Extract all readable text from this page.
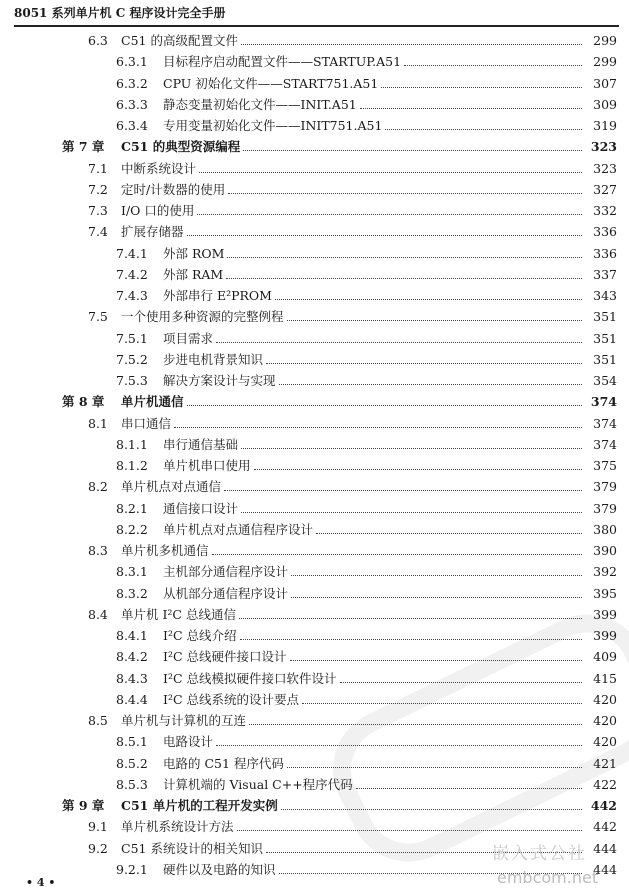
8051 系列单片机 C 程序设计完全手册
6.3 C51 的高级配置文件	299
6.3.1 目标程序启动配置文件——STARTUP.A51	299
6.3.2 CPU 初始化文件——START751.A51	307
6.3.3 静态变量初始化文件——INIT.A51	309
6.3.4 专用变量初始化文件——INIT751.A51	319
第 7 章 C51 的典型资源编程	323
7.1 中断系统设计	323
7.2 定时/计数器的使用	327
7.3 I/O 口的使用	332
7.4 扩展存储器	336
7.4.1 外部 ROM	336
7.4.2 外部 RAM	337
7.4.3 外部串行 E²PROM	343
7.5 一个使用多种资源的完整例程	351
7.5.1 项目需求	351
7.5.2 步进电机背景知识	351
7.5.3 解决方案设计与实现	354
第 8 章 单片机通信	374
8.1 串口通信	374
8.1.1 串行通信基础	374
8.1.2 单片机串口使用	375
8.2 单片机点对点通信	379
8.2.1 通信接口设计	379
8.2.2 单片机点对点通信程序设计	380
8.3 单片机多机通信	390
8.3.1 主机部分通信程序设计	392
8.3.2 从机部分通信程序设计	395
8.4 单片机 I²C 总线通信	399
8.4.1 I²C 总线介绍	399
8.4.2 I²C 总线硬件接口设计	409
8.4.3 I²C 总线模拟硬件接口软件设计	415
8.4.4 I²C 总线系统的设计要点	420
8.5 单片机与计算机的互连	420
8.5.1 电路设计	420
8.5.2 电路的 C51 程序代码	421
8.5.3 计算机端的 Visual C++程序代码	422
第 9 章 C51 单片机的工程开发实例	442
9.1 单片机系统设计方法	442
9.2 C51 系统设计的相关知识	444
9.2.1 硬件以及电路的知识	444
• 4 •
嵌入式公社
embcom.net
